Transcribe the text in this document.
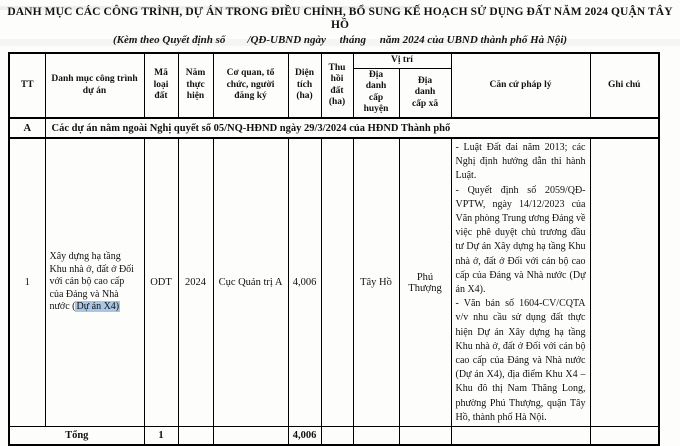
DANH MỤC CÁC CÔNG TRÌNH, DỰ ÁN TRONG ĐIỀU CHỈNH, BỔ SUNG KẾ HOẠCH SỬ DỤNG ĐẤT NĂM 2024 QUẬN TÂY HỒ
(Kèm theo Quyết định số        /QĐ-UBND ngày     tháng     năm 2024 của UBND thành phố Hà Nội)
TT	Danh mục công trình dự án	Mã loại đất	Năm thực hiện	Cơ quan, tổ chức, người đăng ký	Diện tích (ha)	Thu hồi đất (ha)	Vị trí		Căn cứ pháp lý	Ghi chú
							Địa danh cấp huyện	Địa danh cấp xã		
A	Các dự án nằm ngoài Nghị quyết số 05/NQ-HĐND ngày 29/3/2024 của HĐND Thành phố									
1	Xây dựng hạ tầng Khu nhà ở, đất ở Đối với cán bộ cao cấp của Đảng và Nhà nước (Dự án X4)	ODT	2024	Cục Quản trị A	4,006		Tây Hồ	Phú Thượng	- Luật Đất đai năm 2013; các Nghị định hướng dẫn thi hành Luật.
- Quyết định số 2059/QĐ-VPTW, ngày 14/12/2023 của Văn phòng Trung ương Đảng về việc phê duyệt chủ trương đầu tư Dự án Xây dựng hạ tầng Khu nhà ở, đất ở Đối với cán bộ cao cấp của Đảng và Nhà nước (Dự án X4).
- Văn bản số 1604-CV/CQTA v/v nhu cầu sử dụng đất thực hiện Dự án Xây dựng hạ tầng Khu nhà ở, đất ở Đối với cán bộ cao cấp của Đảng và Nhà nước (Dự án X4), địa điểm Khu X4 – Khu đô thị Nam Thăng Long, phường Phú Thượng, quận Tây Hồ, thành phố Hà Nội.	

Tổng		1			4,006					
